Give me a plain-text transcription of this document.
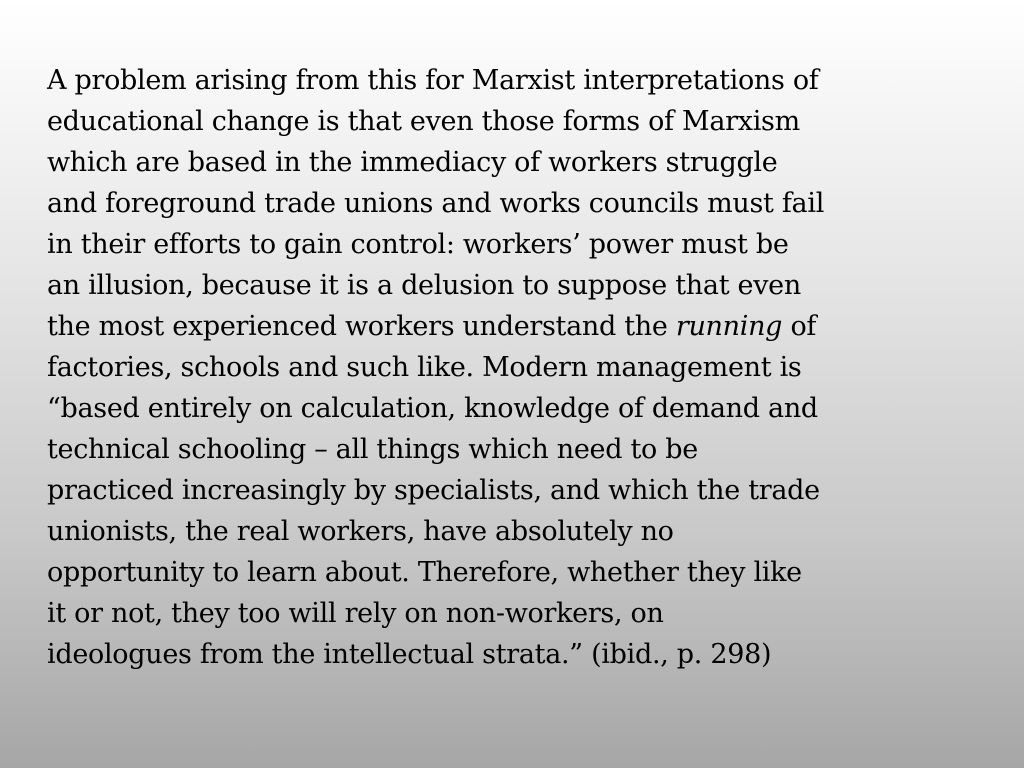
A problem arising from this for Marxist interpretations of
educational change is that even those forms of Marxism
which are based in the immediacy of workers struggle
and foreground trade unions and works councils must fail
in their efforts to gain control: workers’ power must be
an illusion, because it is a delusion to suppose that even
the most experienced workers understand the running of
factories, schools and such like. Modern management is
“based entirely on calculation, knowledge of demand and
technical schooling – all things which need to be
practiced increasingly by specialists, and which the trade
unionists, the real workers, have absolutely no
opportunity to learn about. Therefore, whether they like
it or not, they too will rely on non-workers, on
ideologues from the intellectual strata.” (ibid., p. 298)
